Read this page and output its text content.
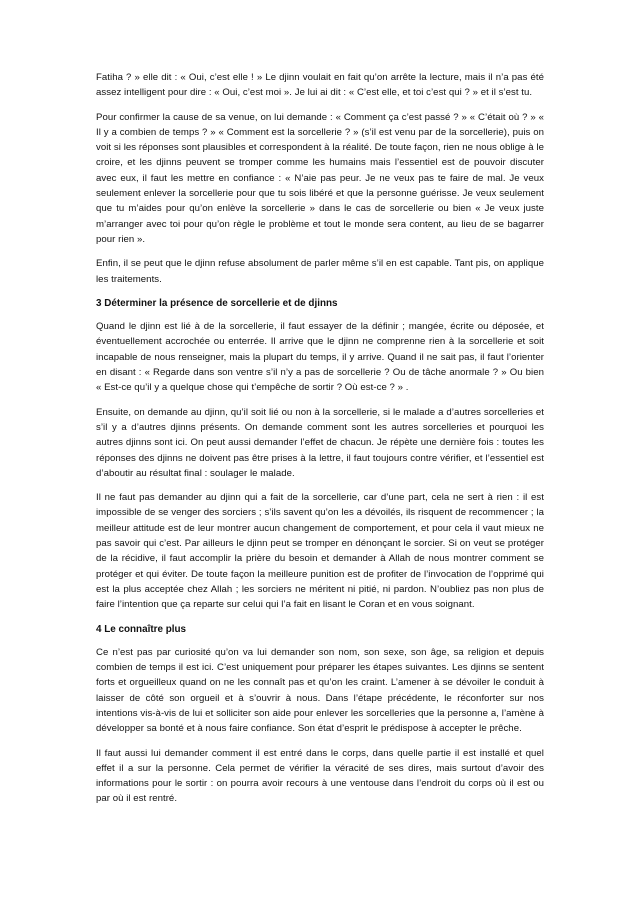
Fatiha ? » elle dit : « Oui, c’est elle ! » Le djinn voulait en fait qu’on arrête la lecture, mais il n’a pas été assez intelligent pour dire : « Oui, c’est moi ». Je lui ai dit : « C’est elle, et toi c’est qui ? » et il s’est tu.

Pour confirmer la cause de sa venue, on lui demande : « Comment ça c’est passé ? » « C’était où ? » « Il y a combien de temps ? » « Comment est la sorcellerie ? » (s’il est venu par de la sorcellerie), puis on voit si les réponses sont plausibles et correspondent à la réalité. De toute façon, rien ne nous oblige à le croire, et les djinns peuvent se tromper comme les humains mais l’essentiel est de pouvoir discuter avec eux, il faut les mettre en confiance : « N’aie pas peur. Je ne veux pas te faire de mal. Je veux seulement enlever la sorcellerie pour que tu sois libéré et que la personne guérisse. Je veux seulement que tu m’aides pour qu’on enlève la sorcellerie » dans le cas de sorcellerie ou bien « Je veux juste m’arranger avec toi pour qu’on règle le problème et tout le monde sera content, au lieu de se bagarrer pour rien ».

Enfin, il se peut que le djinn refuse absolument de parler même s’il en est capable. Tant pis, on applique les traitements.

3 Déterminer la présence de sorcellerie et de djinns

Quand le djinn est lié à de la sorcellerie, il faut essayer de la définir ; mangée, écrite ou déposée, et éventuellement accrochée ou enterrée. Il arrive que le djinn ne comprenne rien à la sorcellerie et soit incapable de nous renseigner, mais la plupart du temps, il y arrive. Quand il ne sait pas, il faut l’orienter en disant : « Regarde dans son ventre s’il n’y a pas de sorcellerie ? Ou de tâche anormale ? » Ou bien « Est-ce qu’il y a quelque chose qui t’empêche de sortir ? Où est-ce ? » .

Ensuite, on demande au djinn, qu’il soit lié ou non à la sorcellerie, si le malade a d’autres sorcelleries et s’il y a d’autres djinns présents. On demande comment sont les autres sorcelleries et pourquoi les autres djinns sont ici. On peut aussi demander l’effet de chacun. Je répète une dernière fois : toutes les réponses des djinns ne doivent pas être prises à la lettre, il faut toujours contre vérifier, et l’essentiel est d’aboutir au résultat final : soulager le malade.

Il ne faut pas demander au djinn qui a fait de la sorcellerie, car d’une part, cela ne sert à rien : il est impossible de se venger des sorciers ; s’ils savent qu’on les a dévoilés, ils risquent de recommencer ; la meilleur attitude est de leur montrer aucun changement de comportement, et pour cela il vaut mieux ne pas savoir qui c’est. Par ailleurs le djinn peut se tromper en dénonçant le sorcier. Si on veut se protéger de la récidive, il faut accomplir la prière du besoin et demander à Allah de nous montrer comment se protéger et qui éviter. De toute façon la meilleure punition est de profiter de l’invocation de l’opprimé qui est la plus acceptée chez Allah ; les sorciers ne méritent ni pitié, ni pardon. N’oubliez pas non plus de faire l’intention que ça reparte sur celui qui l’a fait en lisant le Coran et en vous soignant.

4 Le connaître plus

Ce n’est pas par curiosité qu’on va lui demander son nom, son sexe, son âge, sa religion et depuis combien de temps il est ici. C’est uniquement pour préparer les étapes suivantes. Les djinns se sentent forts et orgueilleux quand on ne les connaît pas et qu’on les craint. L’amener à se dévoiler le conduit à laisser de côté son orgueil et à s’ouvrir à nous. Dans l’étape précédente, le réconforter sur nos intentions vis-à-vis de lui et solliciter son aide pour enlever les sorcelleries que la personne a, l’amène à développer sa bonté et à nous faire confiance. Son état d’esprit le prédispose à accepter le prêche.

Il faut aussi lui demander comment il est entré dans le corps, dans quelle partie il est installé et quel effet il a sur la personne. Cela permet de vérifier la véracité de ses dires, mais surtout d’avoir des informations pour le sortir : on pourra avoir recours à une ventouse dans l’endroit du corps où il est ou par où il est rentré.
